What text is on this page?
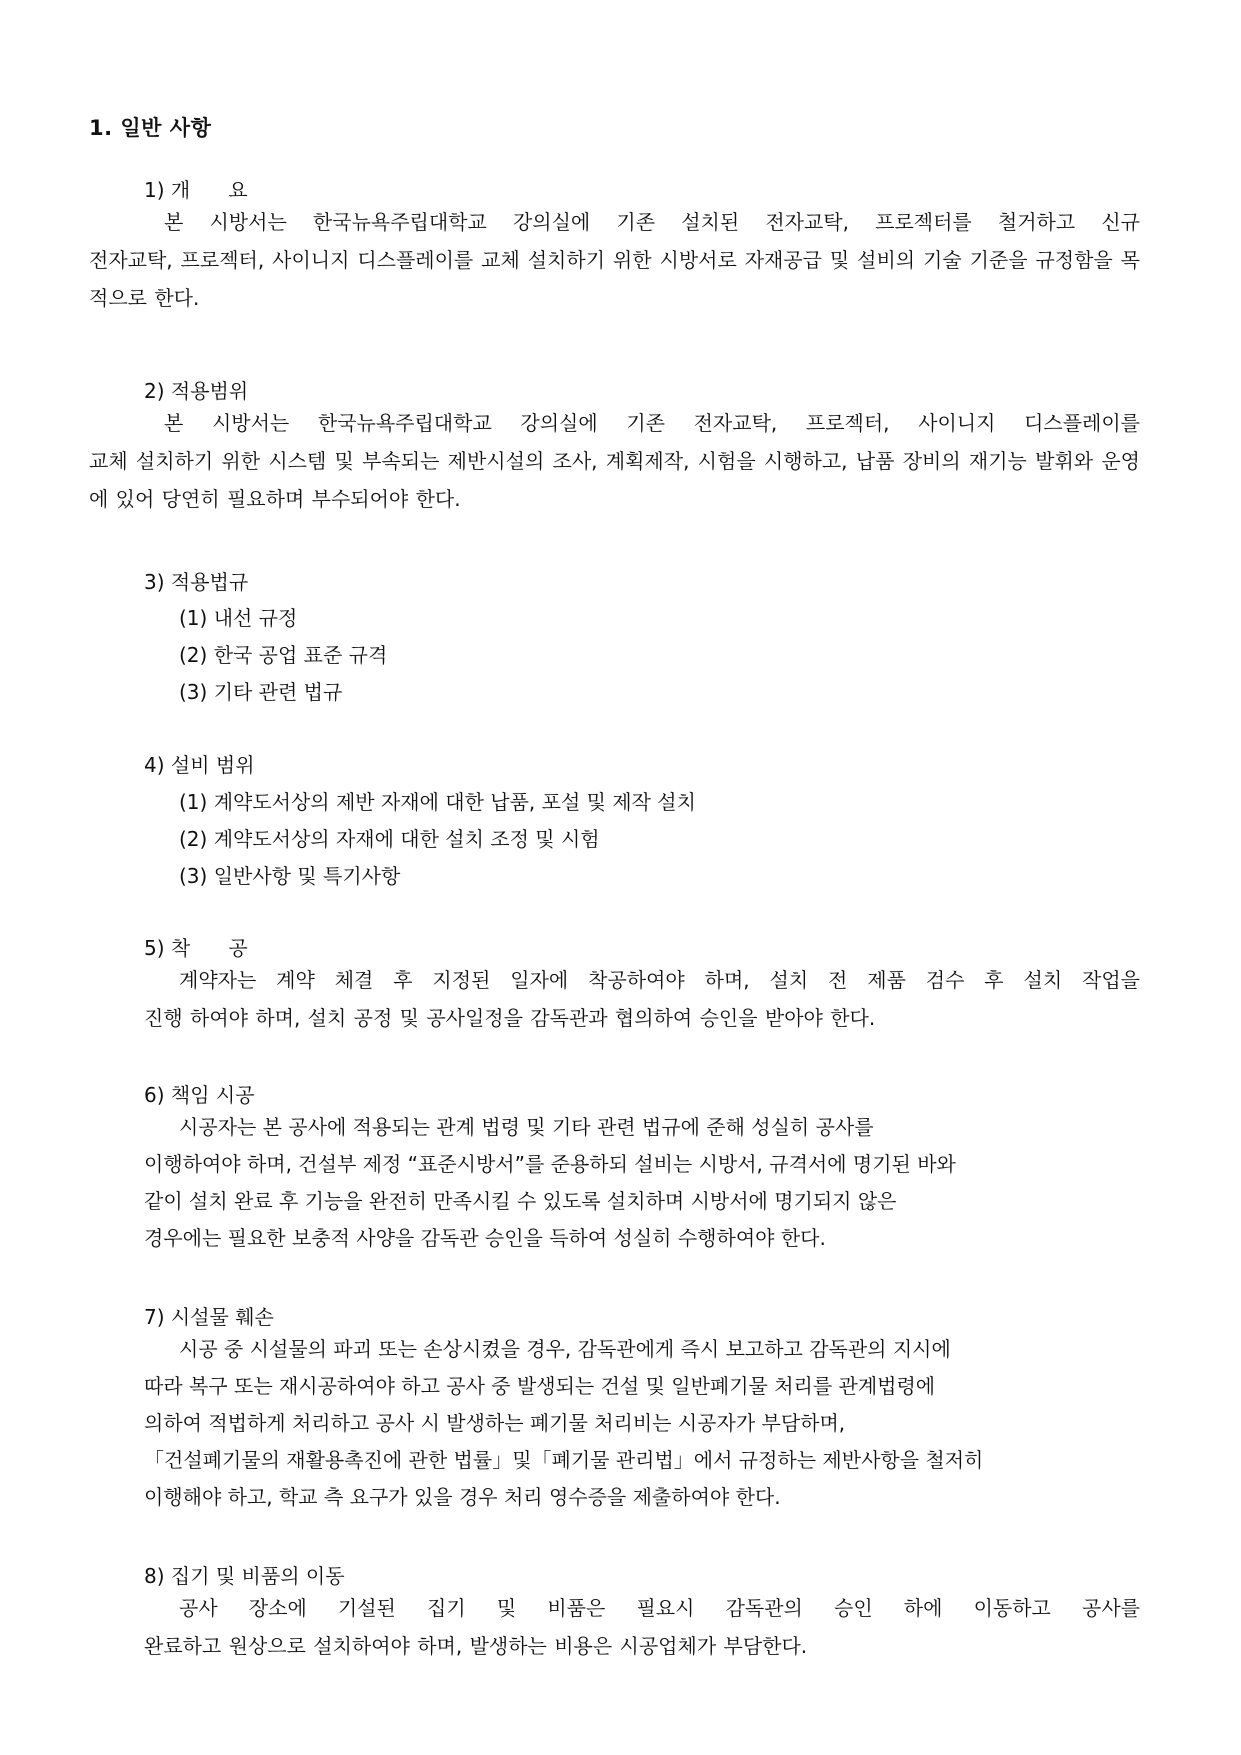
1. 일반 사항
1) 개      요
본 시방서는 한국뉴욕주립대학교 강의실에 기존 설치된 전자교탁, 프로젝터를 철거하고 신규
전자교탁, 프로젝터, 사이니지 디스플레이를 교체 설치하기 위한 시방서로 자재공급 및 설비의 기술 기준을 규정함을 목적으로 한다.
2) 적용범위
본 시방서는 한국뉴욕주립대학교 강의실에 기존 전자교탁, 프로젝터, 사이니지 디스플레이를
교체 설치하기 위한 시스템 및 부속되는 제반시설의 조사, 계획제작, 시험을 시행하고, 납품 장비의 재기능 발휘와 운영에 있어 당연히 필요하며 부수되어야 한다.
3) 적용법규
(1) 내선 규정
(2) 한국 공업 표준 규격
(3) 기타 관련 법규
4) 설비 범위
(1) 계약도서상의 제반 자재에 대한 납품, 포설 및 제작 설치
(2) 계약도서상의 자재에 대한 설치 조정 및 시험
(3) 일반사항 및 특기사항
5) 착      공
계약자는 계약 체결 후 지정된 일자에 착공하여야 하며, 설치 전 제품 검수 후 설치 작업을
진행 하여야 하며, 설치 공정 및 공사일정을 감독관과 협의하여 승인을 받아야 한다.
6) 책임 시공
시공자는 본 공사에 적용되는 관계 법령 및 기타 관련 법규에 준해 성실히 공사를
이행하여야 하며, 건설부 제정 “표준시방서”를 준용하되 설비는 시방서, 규격서에 명기된 바와
같이 설치 완료 후 기능을 완전히 만족시킬 수 있도록 설치하며 시방서에 명기되지 않은
경우에는 필요한 보충적 사양을 감독관 승인을 득하여 성실히 수행하여야 한다.
7) 시설물 훼손
시공 중 시설물의 파괴 또는 손상시켰을 경우, 감독관에게 즉시 보고하고 감독관의 지시에
따라 복구 또는 재시공하여야 하고 공사 중 발생되는 건설 및 일반폐기물 처리를 관계법령에
의하여 적법하게 처리하고 공사 시 발생하는 폐기물 처리비는 시공자가 부담하며,
「건설폐기물의 재활용촉진에 관한 법률」및「폐기물 관리법」에서 규정하는 제반사항을 철저히
이행해야 하고, 학교 측 요구가 있을 경우 처리 영수증을 제출하여야 한다.
8) 집기 및 비품의 이동
공사 장소에 기설된 집기 및 비품은 필요시 감독관의 승인 하에 이동하고 공사를
완료하고 원상으로 설치하여야 하며, 발생하는 비용은 시공업체가 부담한다.
